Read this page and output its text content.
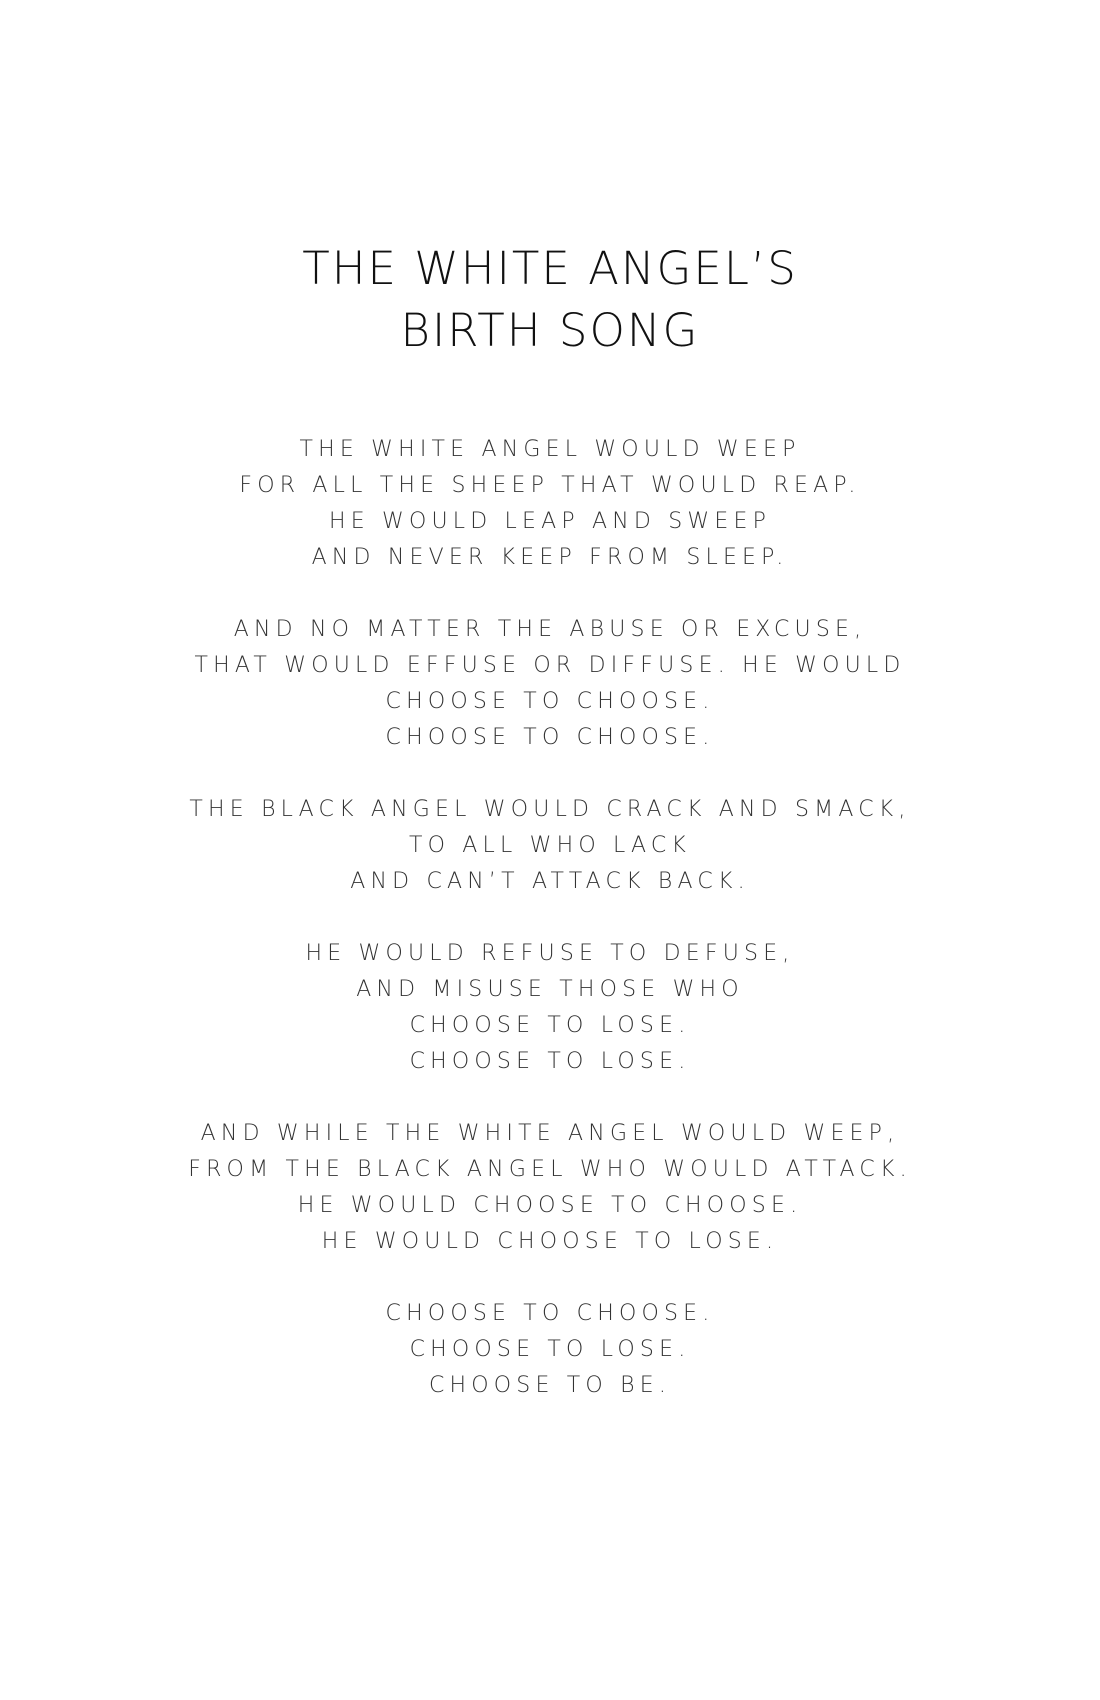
THE WHITE ANGEL’S
BIRTH SONG
THE WHITE ANGEL WOULD WEEP
FOR ALL THE SHEEP THAT WOULD REAP.
HE WOULD LEAP AND SWEEP
AND NEVER KEEP FROM SLEEP.
AND NO MATTER THE ABUSE OR EXCUSE,
THAT WOULD EFFUSE OR DIFFUSE. HE WOULD
CHOOSE TO CHOOSE.
CHOOSE TO CHOOSE.
THE BLACK ANGEL WOULD CRACK AND SMACK,
TO ALL WHO LACK
AND CAN’T ATTACK BACK.
HE WOULD REFUSE TO DEFUSE,
AND MISUSE THOSE WHO
CHOOSE TO LOSE.
CHOOSE TO LOSE.
AND WHILE THE WHITE ANGEL WOULD WEEP,
FROM THE BLACK ANGEL WHO WOULD ATTACK.
HE WOULD CHOOSE TO CHOOSE.
HE WOULD CHOOSE TO LOSE.
CHOOSE TO CHOOSE.
CHOOSE TO LOSE.
CHOOSE TO BE.
